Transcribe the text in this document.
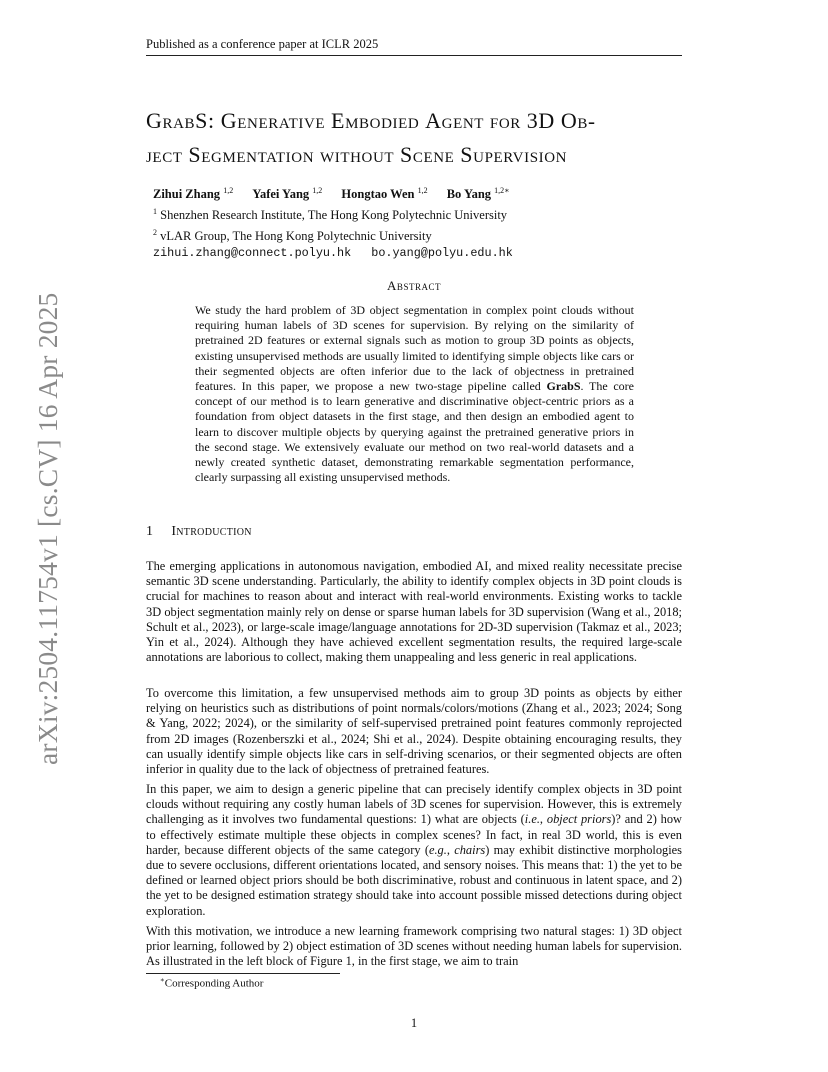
Published as a conference paper at ICLR 2025
arXiv:2504.11754v1 [cs.CV] 16 Apr 2025
GrabS: Generative Embodied Agent for 3D Ob-
ject Segmentation without Scene Supervision
Zihui Zhang $^{1,2}$ Yafei Yang $^{1,2}$ Hongtao Wen $^{1,2}$ Bo Yang $^{1,2∗}$
$^1$ Shenzhen Research Institute, The Hong Kong Polytechnic University
$^2$ vLAR Group, The Hong Kong Polytechnic University
zihui.zhang@connect.polyu.hk bo.yang@polyu.edu.hk
Abstract
We study the hard problem of 3D object segmentation in complex point clouds without requiring human labels of 3D scenes for supervision. By relying on the similarity of pretrained 2D features or external signals such as motion to group 3D points as objects, existing unsupervised methods are usually limited to identifying simple objects like cars or their segmented objects are often inferior due to the lack of objectness in pretrained features. In this paper, we propose a new two-stage pipeline called GrabS. The core concept of our method is to learn generative and discriminative object-centric priors as a foundation from object datasets in the first stage, and then design an embodied agent to learn to discover multiple objects by querying against the pretrained generative priors in the second stage. We extensively evaluate our method on two real-world datasets and a newly created synthetic dataset, demonstrating remarkable segmentation performance, clearly surpassing all existing unsupervised methods.
1 Introduction
The emerging applications in autonomous navigation, embodied AI, and mixed reality necessitate precise semantic 3D scene understanding. Particularly, the ability to identify complex objects in 3D point clouds is crucial for machines to reason about and interact with real-world environments. Existing works to tackle 3D object segmentation mainly rely on dense or sparse human labels for 3D supervision (Wang et al., 2018; Schult et al., 2023), or large-scale image/language annotations for 2D-3D supervision (Takmaz et al., 2023; Yin et al., 2024). Although they have achieved excellent segmentation results, the required large-scale annotations are laborious to collect, making them unappealing and less generic in real applications.
To overcome this limitation, a few unsupervised methods aim to group 3D points as objects by either relying on heuristics such as distributions of point normals/colors/motions (Zhang et al., 2023; 2024; Song & Yang, 2022; 2024), or the similarity of self-supervised pretrained point features commonly reprojected from 2D images (Rozenberszki et al., 2024; Shi et al., 2024). Despite obtaining encouraging results, they can usually identify simple objects like cars in self-driving scenarios, or their segmented objects are often inferior in quality due to the lack of objectness of pretrained features.
In this paper, we aim to design a generic pipeline that can precisely identify complex objects in 3D point clouds without requiring any costly human labels of 3D scenes for supervision. However, this is extremely challenging as it involves two fundamental questions: 1) what are objects (i.e., object priors)? and 2) how to effectively estimate multiple these objects in complex scenes? In fact, in real 3D world, this is even harder, because different objects of the same category (e.g., chairs) may exhibit distinctive morphologies due to severe occlusions, different orientations located, and sensory noises. This means that: 1) the yet to be defined or learned object priors should be both discriminative, robust and continuous in latent space, and 2) the yet to be designed estimation strategy should take into account possible missed detections during object exploration.
With this motivation, we introduce a new learning framework comprising two natural stages: 1) 3D object prior learning, followed by 2) object estimation of 3D scenes without needing human labels for supervision. As illustrated in the left block of Figure 1, in the first stage, we aim to train
∗Corresponding Author
1
